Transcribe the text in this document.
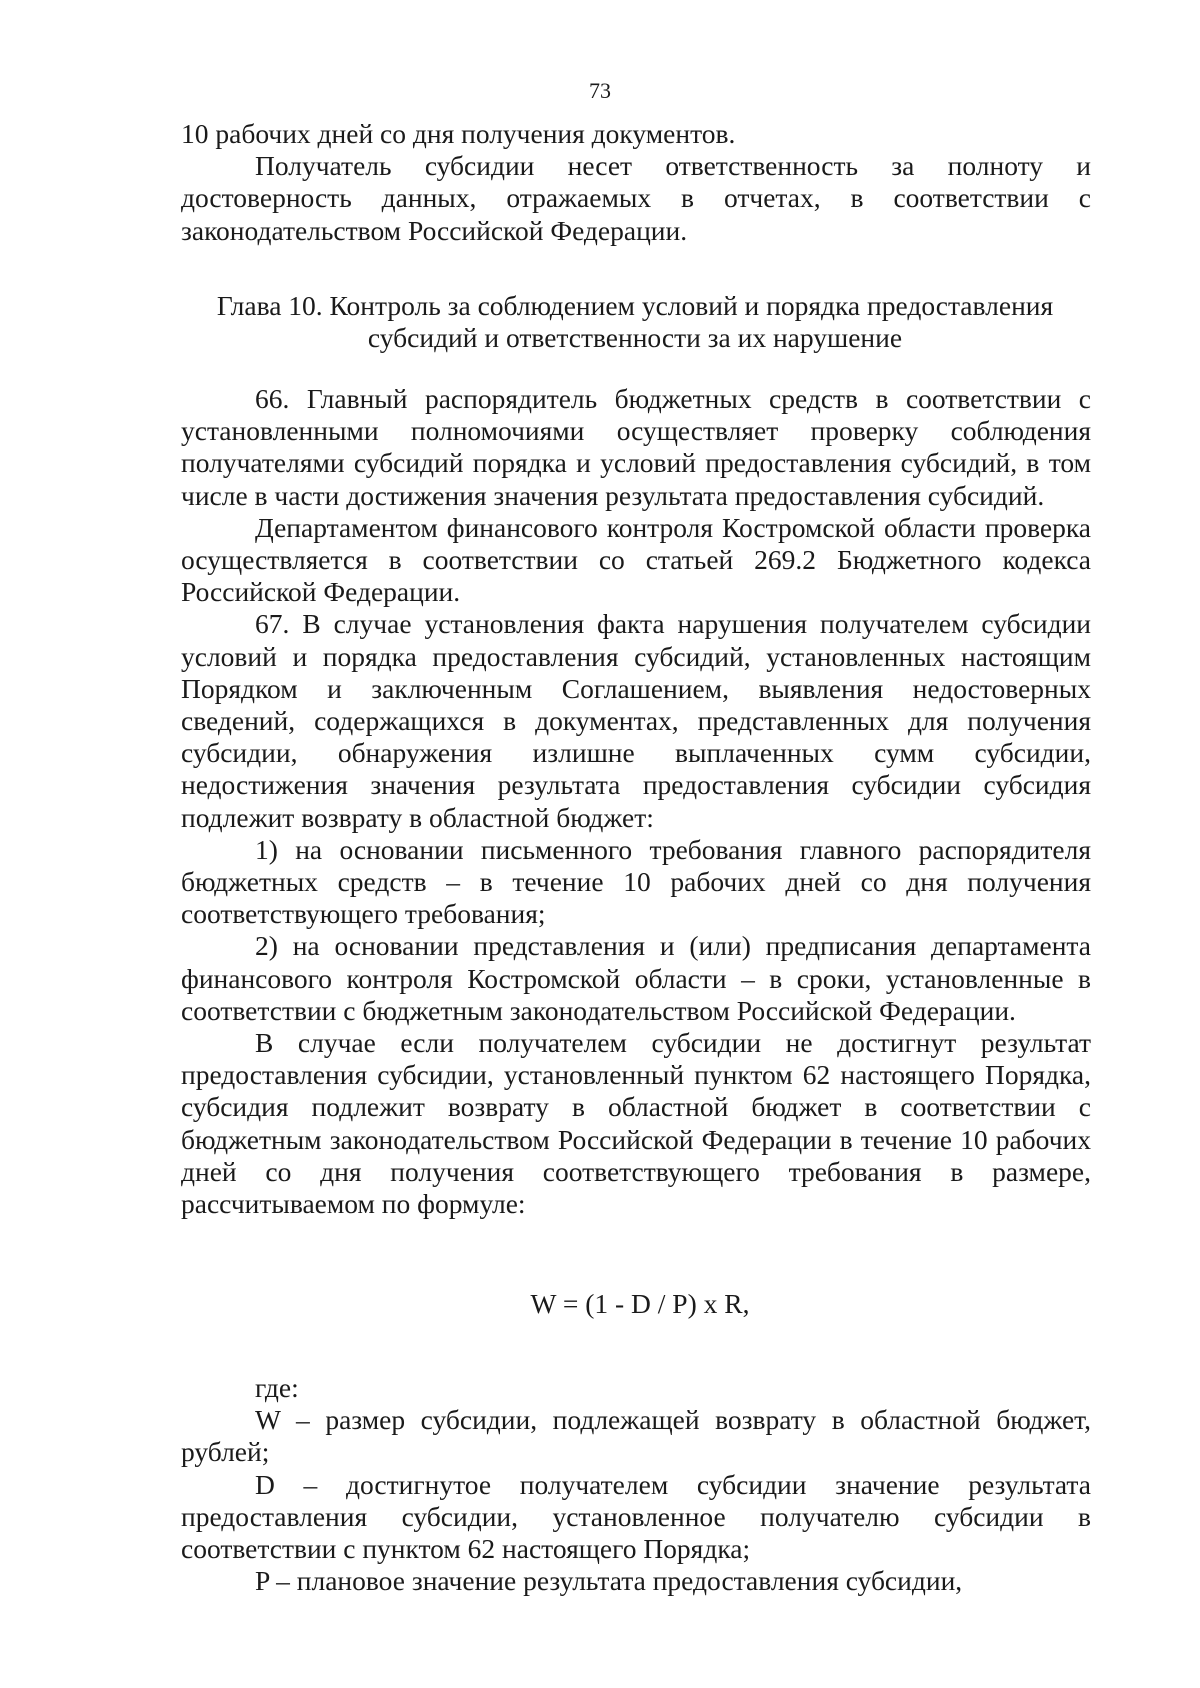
73

10 рабочих дней со дня получения документов.

Получатель субсидии несет ответственность за полноту и достоверность данных, отражаемых в отчетах, в соответствии с законодательством Российской Федерации.

Глава 10. Контроль за соблюдением условий и порядка предоставления субсидий и ответственности за их нарушение

66. Главный распорядитель бюджетных средств в соответствии с установленными полномочиями осуществляет проверку соблюдения получателями субсидий порядка и условий предоставления субсидий, в том числе в части достижения значения результата предоставления субсидий.

Департаментом финансового контроля Костромской области проверка осуществляется в соответствии со статьей 269.2 Бюджетного кодекса Российской Федерации.

67. В случае установления факта нарушения получателем субсидии условий и порядка предоставления субсидий, установленных настоящим Порядком и заключенным Соглашением, выявления недостоверных сведений, содержащихся в документах, представленных для получения субсидии, обнаружения излишне выплаченных сумм субсидии, недостижения значения результата предоставления субсидии субсидия подлежит возврату в областной бюджет:

1) на основании письменного требования главного распорядителя бюджетных средств – в течение 10 рабочих дней со дня получения соответствующего требования;

2) на основании представления и (или) предписания департамента финансового контроля Костромской области – в сроки, установленные в соответствии с бюджетным законодательством Российской Федерации.

В случае если получателем субсидии не достигнут результат предоставления субсидии, установленный пунктом 62 настоящего Порядка, субсидия подлежит возврату в областной бюджет в соответствии с бюджетным законодательством Российской Федерации в течение 10 рабочих дней со дня получения соответствующего требования в размере, рассчитываемом по формуле:

W = (1 - D / P) x R,

где:

W – размер субсидии, подлежащей возврату в областной бюджет, рублей;

D – достигнутое получателем субсидии значение результата предоставления субсидии, установленное получателю субсидии в соответствии с пунктом 62 настоящего Порядка;

P – плановое значение результата предоставления субсидии,
